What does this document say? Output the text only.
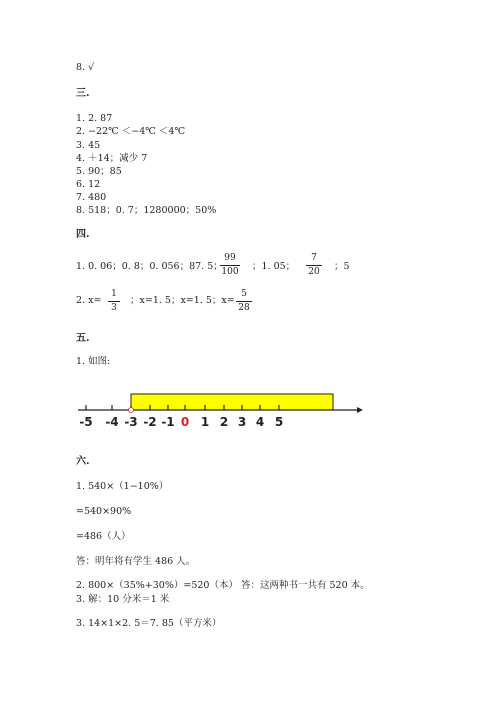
8. √
三.
1. 2. 87
2. −22℃ ＜−4℃ ＜4℃
3. 45
4. ＋14；减少 7
5. 90；85
6. 12
7. 480
8. 518；0. 7；1280000；50%
四.
1. 0. 06；0. 8；0. 056；87. 5；
99
100 ；1. 05；
7
20 ；5
2. x=
1
3
；x=1. 5；x=1. 5；x=
5
28
五.
1. 如图:
-5 -4 -3 -2 -1 0 1 2 3 4 5
六.
1. 540×（1−10%）
=540×90%
=486（人）
答：明年将有学生 486 人。
2. 800×（35%+30%）=520（本） 答：这两种书一共有 520 本。
3. 解：10 分米＝1 米
3. 14×1×2. 5＝7. 85（平方米）
